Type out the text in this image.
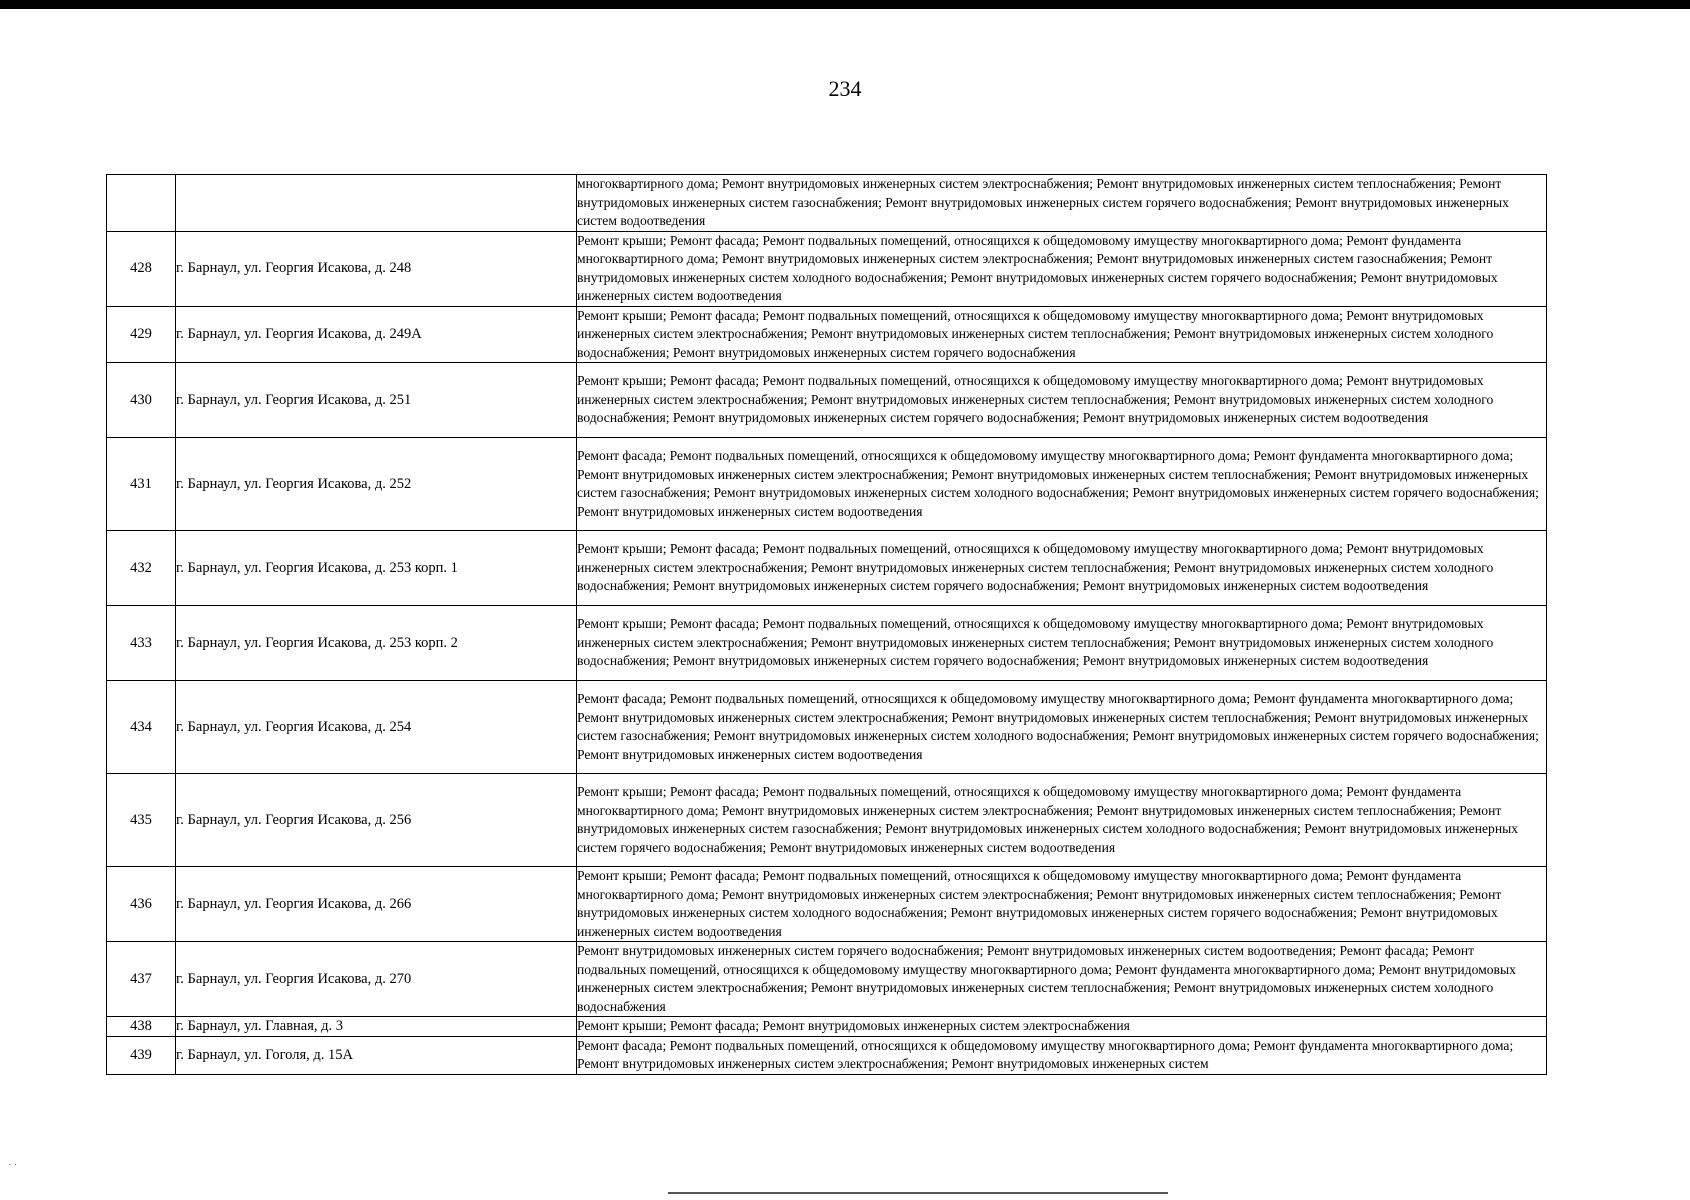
234
		многоквартирного дома; Ремонт внутридомовых инженерных систем электроснабжения; Ремонт внутридомовых инженерных систем теплоснабжения; Ремонт внутридомовых инженерных систем газоснабжения; Ремонт внутридомовых инженерных систем горячего водоснабжения; Ремонт внутридомовых инженерных систем водоотведения
428	г. Барнаул, ул. Георгия Исакова, д. 248	Ремонт крыши; Ремонт фасада; Ремонт подвальных помещений, относящихся к общедомовому имуществу многоквартирного дома; Ремонт фундамента многоквартирного дома; Ремонт внутридомовых инженерных систем электроснабжения; Ремонт внутридомовых инженерных систем газоснабжения; Ремонт внутридомовых инженерных систем холодного водоснабжения; Ремонт внутридомовых инженерных систем горячего водоснабжения; Ремонт внутридомовых инженерных систем водоотведения
429	г. Барнаул, ул. Георгия Исакова, д. 249А	Ремонт крыши; Ремонт фасада; Ремонт подвальных помещений, относящихся к общедомовому имуществу многоквартирного дома; Ремонт внутридомовых инженерных систем электроснабжения; Ремонт внутридомовых инженерных систем теплоснабжения; Ремонт внутридомовых инженерных систем холодного водоснабжения; Ремонт внутридомовых инженерных систем горячего водоснабжения
430	г. Барнаул, ул. Георгия Исакова, д. 251	Ремонт крыши; Ремонт фасада; Ремонт подвальных помещений, относящихся к общедомовому имуществу многоквартирного дома; Ремонт внутридомовых инженерных систем электроснабжения; Ремонт внутридомовых инженерных систем теплоснабжения; Ремонт внутридомовых инженерных систем холодного водоснабжения; Ремонт внутридомовых инженерных систем горячего водоснабжения; Ремонт внутридомовых инженерных систем водоотведения
431	г. Барнаул, ул. Георгия Исакова, д. 252	Ремонт фасада; Ремонт подвальных помещений, относящихся к общедомовому имуществу многоквартирного дома; Ремонт фундамента многоквартирного дома; Ремонт внутридомовых инженерных систем электроснабжения; Ремонт внутридомовых инженерных систем теплоснабжения; Ремонт внутридомовых инженерных систем газоснабжения; Ремонт внутридомовых инженерных систем холодного водоснабжения; Ремонт внутридомовых инженерных систем горячего водоснабжения; Ремонт внутридомовых инженерных систем водоотведения
432	г. Барнаул, ул. Георгия Исакова, д. 253 корп. 1	Ремонт крыши; Ремонт фасада; Ремонт подвальных помещений, относящихся к общедомовому имуществу многоквартирного дома; Ремонт внутридомовых инженерных систем электроснабжения; Ремонт внутридомовых инженерных систем теплоснабжения; Ремонт внутридомовых инженерных систем холодного водоснабжения; Ремонт внутридомовых инженерных систем горячего водоснабжения; Ремонт внутридомовых инженерных систем водоотведения
433	г. Барнаул, ул. Георгия Исакова, д. 253 корп. 2	Ремонт крыши; Ремонт фасада; Ремонт подвальных помещений, относящихся к общедомовому имуществу многоквартирного дома; Ремонт внутридомовых инженерных систем электроснабжения; Ремонт внутридомовых инженерных систем теплоснабжения; Ремонт внутридомовых инженерных систем холодного водоснабжения; Ремонт внутридомовых инженерных систем горячего водоснабжения; Ремонт внутридомовых инженерных систем водоотведения
434	г. Барнаул, ул. Георгия Исакова, д. 254	Ремонт фасада; Ремонт подвальных помещений, относящихся к общедомовому имуществу многоквартирного дома; Ремонт фундамента многоквартирного дома; Ремонт внутридомовых инженерных систем электроснабжения; Ремонт внутридомовых инженерных систем теплоснабжения; Ремонт внутридомовых инженерных систем газоснабжения; Ремонт внутридомовых инженерных систем холодного водоснабжения; Ремонт внутридомовых инженерных систем горячего водоснабжения; Ремонт внутридомовых инженерных систем водоотведения
435	г. Барнаул, ул. Георгия Исакова, д. 256	Ремонт крыши; Ремонт фасада; Ремонт подвальных помещений, относящихся к общедомовому имуществу многоквартирного дома; Ремонт фундамента многоквартирного дома; Ремонт внутридомовых инженерных систем электроснабжения; Ремонт внутридомовых инженерных систем теплоснабжения; Ремонт внутридомовых инженерных систем газоснабжения; Ремонт внутридомовых инженерных систем холодного водоснабжения; Ремонт внутридомовых инженерных систем горячего водоснабжения; Ремонт внутридомовых инженерных систем водоотведения
436	г. Барнаул, ул. Георгия Исакова, д. 266	Ремонт крыши; Ремонт фасада; Ремонт подвальных помещений, относящихся к общедомовому имуществу многоквартирного дома; Ремонт фундамента многоквартирного дома; Ремонт внутридомовых инженерных систем электроснабжения; Ремонт внутридомовых инженерных систем теплоснабжения; Ремонт внутридомовых инженерных систем холодного водоснабжения; Ремонт внутридомовых инженерных систем горячего водоснабжения; Ремонт внутридомовых инженерных систем водоотведения
437	г. Барнаул, ул. Георгия Исакова, д. 270	Ремонт внутридомовых инженерных систем горячего водоснабжения; Ремонт внутридомовых инженерных систем водоотведения; Ремонт фасада; Ремонт подвальных помещений, относящихся к общедомовому имуществу многоквартирного дома; Ремонт фундамента многоквартирного дома; Ремонт внутридомовых инженерных систем электроснабжения; Ремонт внутридомовых инженерных систем теплоснабжения; Ремонт внутридомовых инженерных систем холодного водоснабжения
438	г. Барнаул, ул. Главная, д. 3	Ремонт крыши; Ремонт фасада; Ремонт внутридомовых инженерных систем электроснабжения
439	г. Барнаул, ул. Гоголя, д. 15А	Ремонт фасада; Ремонт подвальных помещений, относящихся к общедомовому имуществу многоквартирного дома; Ремонт фундамента многоквартирного дома; Ремонт внутридомовых инженерных систем электроснабжения; Ремонт внутридомовых инженерных систем
· ·
